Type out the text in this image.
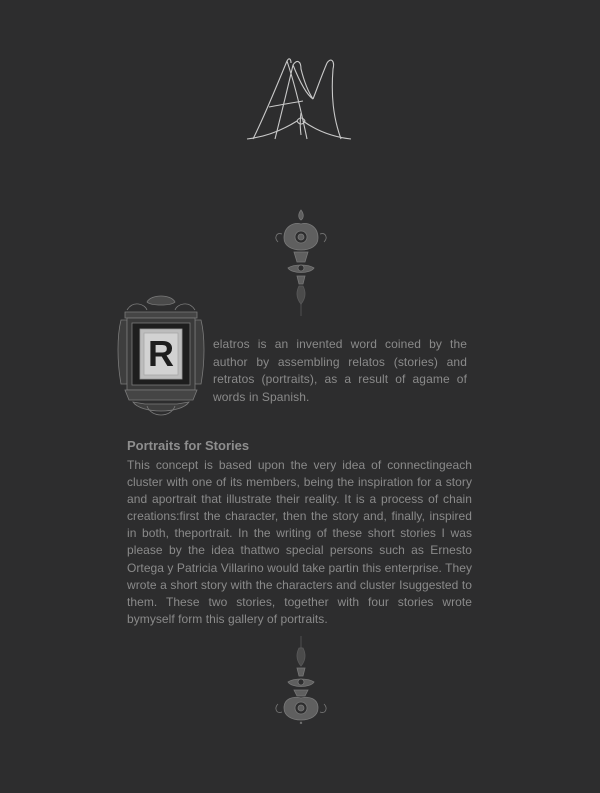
R	elatros is an invented word coined by the author by assembling relatos (stories) and retratos (portraits), as a result of agame of words in Spanish.

Portraits for Stories

This concept is based upon the very idea of connectingeach cluster with one of its members, being the inspiration for a story and aportrait that illustrate their reality. It is a process of chain creations:first the character, then the story and, finally, inspired in both, theportrait. In the writing of these short stories I was please by the idea thattwo special persons such as Ernesto Ortega y Patricia Villarino would take partin this enterprise. They wrote a short story with the characters and cluster Isuggested to them. These two stories, together with four stories wrote bymyself form this gallery of portraits.
